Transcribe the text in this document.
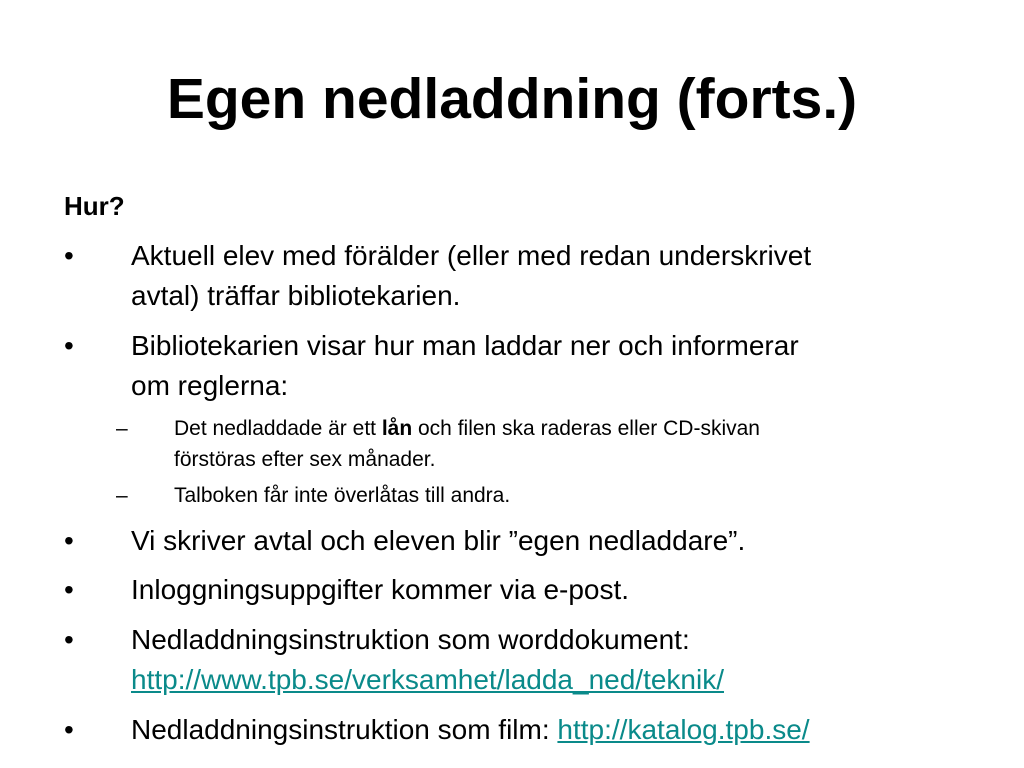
Egen nedladdning (forts.)
Hur?
• Aktuell elev med förälder (eller med redan underskrivet
avtal) träffar bibliotekarien.
• Bibliotekarien visar hur man laddar ner och informerar
om reglerna:
– Det nedladdade är ett lån och filen ska raderas eller CD-skivan
förstöras efter sex månader.
– Talboken får inte överlåtas till andra.
• Vi skriver avtal och eleven blir ”egen nedladdare”.
• Inloggningsuppgifter kommer via e-post.
• Nedladdningsinstruktion som worddokument:
http://www.tpb.se/verksamhet/ladda_ned/teknik/
• Nedladdningsinstruktion som film: http://katalog.tpb.se/
